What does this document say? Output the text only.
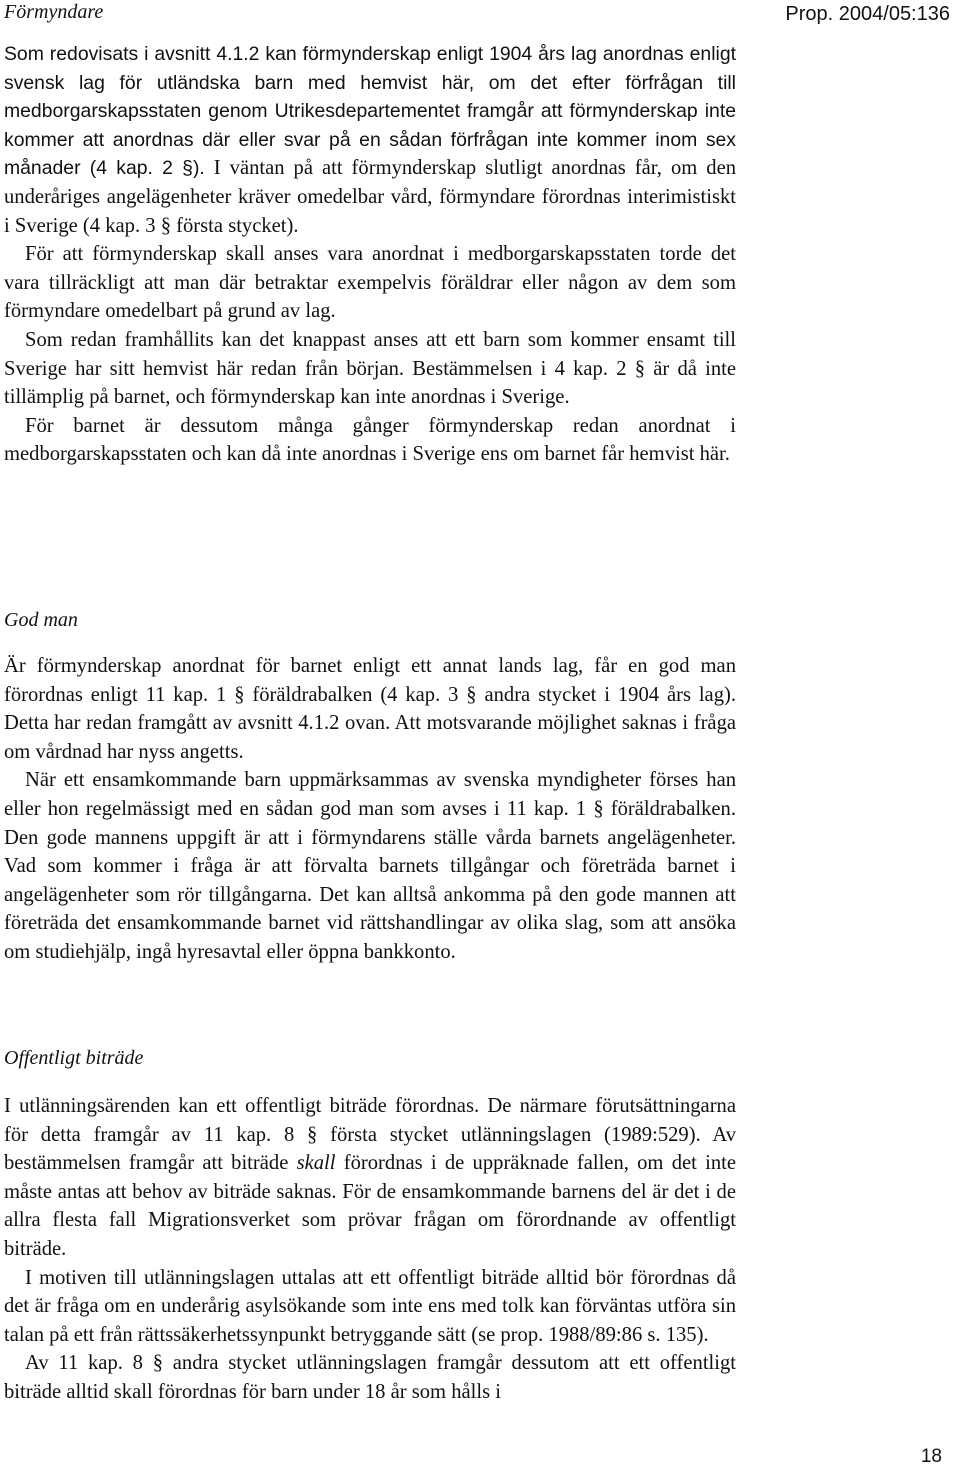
Förmyndare	Prop. 2004/05:136

Som redovisats i avsnitt 4.1.2 kan förmynderskap enligt 1904 års lag anordnas enligt svensk lag för utländska barn med hemvist här, om det efter förfrågan till medborgarskapsstaten genom Utrikesdepartementet framgår att förmynderskap inte kommer att anordnas där eller svar på en sådan förfrågan inte kommer inom sex månader (4 kap. 2 §). I väntan på att förmynderskap slutligt anordnas får, om den underåriges angelägenheter kräver omedelbar vård, förmyndare förordnas interimistiskt i Sverige (4 kap. 3 § första stycket).

För att förmynderskap skall anses vara anordnat i medborgarskapsstaten torde det vara tillräckligt att man där betraktar exempelvis föräldrar eller någon av dem som förmyndare omedelbart på grund av lag.

Som redan framhållits kan det knappast anses att ett barn som kommer ensamt till Sverige har sitt hemvist här redan från början. Bestämmelsen i 4 kap. 2 § är då inte tillämplig på barnet, och förmynderskap kan inte anordnas i Sverige.

För barnet är dessutom många gånger förmynderskap redan anordnat i medborgarskapsstaten och kan då inte anordnas i Sverige ens om barnet får hemvist här.

God man

Är förmynderskap anordnat för barnet enligt ett annat lands lag, får en god man förordnas enligt 11 kap. 1 § föräldrabalken (4 kap. 3 § andra stycket i 1904 års lag). Detta har redan framgått av avsnitt 4.1.2 ovan. Att motsvarande möjlighet saknas i fråga om vårdnad har nyss angetts.

När ett ensamkommande barn uppmärksammas av svenska myndigheter förses han eller hon regelmässigt med en sådan god man som avses i 11 kap. 1 § föräldrabalken. Den gode mannens uppgift är att i förmyndarens ställe vårda barnets angelägenheter. Vad som kommer i fråga är att förvalta barnets tillgångar och företräda barnet i angelägenheter som rör tillgångarna. Det kan alltså ankomma på den gode mannen att företräda det ensamkommande barnet vid rättshandlingar av olika slag, som att ansöka om studiehjälp, ingå hyresavtal eller öppna bankkonto.

Offentligt biträde

I utlänningsärenden kan ett offentligt biträde förordnas. De närmare förutsättningarna för detta framgår av 11 kap. 8 § första stycket utlänningslagen (1989:529). Av bestämmelsen framgår att biträde skall förordnas i de uppräknade fallen, om det inte måste antas att behov av biträde saknas. För de ensamkommande barnens del är det i de allra flesta fall Migrationsverket som prövar frågan om förordnande av offentligt biträde.

I motiven till utlänningslagen uttalas att ett offentligt biträde alltid bör förordnas då det är fråga om en underårig asylsökande som inte ens med tolk kan förväntas utföra sin talan på ett från rättssäkerhetssynpunkt betryggande sätt (se prop. 1988/89:86 s. 135).

Av 11 kap. 8 § andra stycket utlänningslagen framgår dessutom att ett offentligt biträde alltid skall förordnas för barn under 18 år som hålls i

18
